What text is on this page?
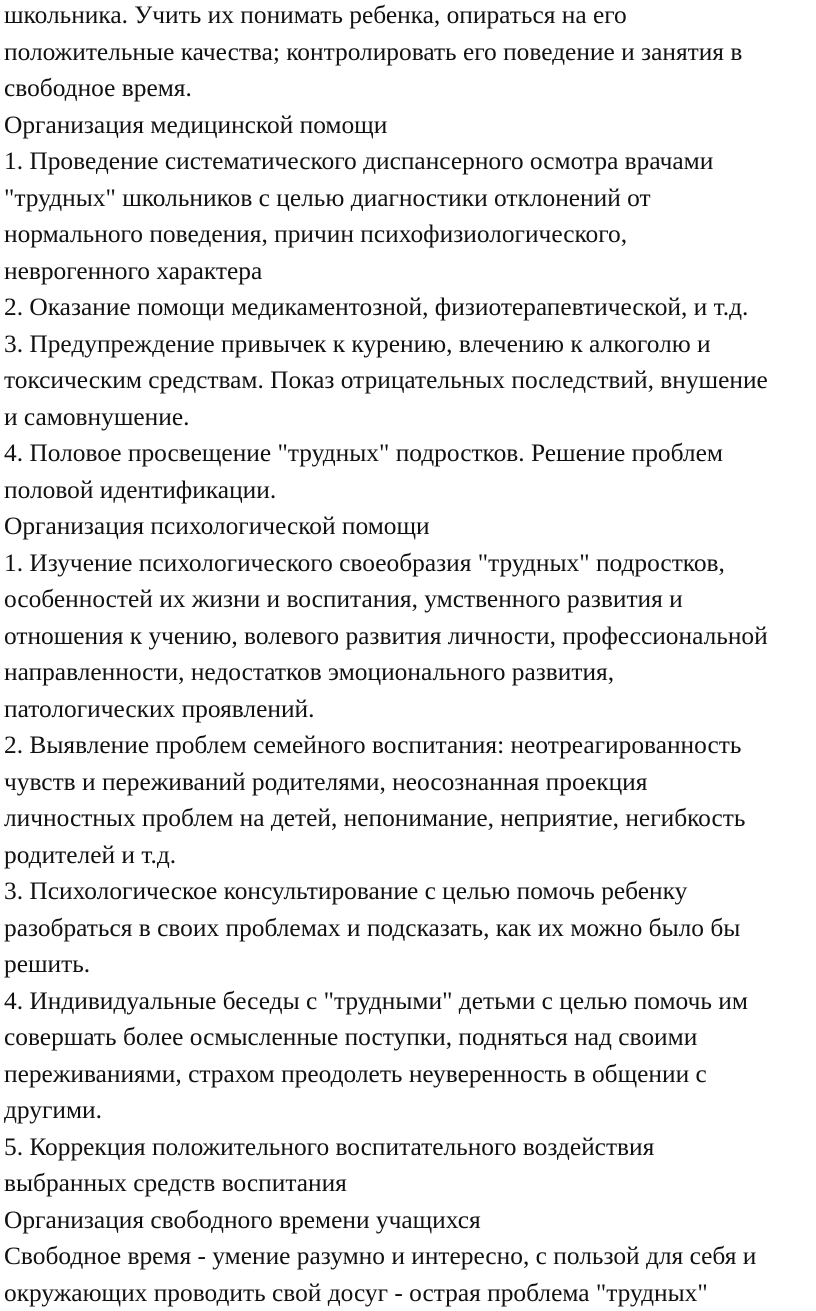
школьника. Учить их понимать ребенка, опираться на его
положительные качества; контролировать его поведение и занятия в
свободное время.
Организация медицинской помощи
1. Проведение систематического диспансерного осмотра врачами
"трудных" школьников с целью диагностики отклонений от
нормального поведения, причин психофизиологического,
неврогенного характера
2. Оказание помощи медикаментозной, физиотерапевтической, и т.д.
3. Предупреждение привычек к курению, влечению к алкоголю и
токсическим средствам. Показ отрицательных последствий, внушение
и самовнушение.
4. Половое просвещение "трудных" подростков. Решение проблем
половой идентификации.
Организация психологической помощи
1. Изучение психологического своеобразия "трудных" подростков,
особенностей их жизни и воспитания, умственного развития и
отношения к учению, волевого развития личности, профессиональной
направленности, недостатков эмоционального развития,
патологических проявлений.
2. Выявление проблем семейного воспитания: неотреагированность
чувств и переживаний родителями, неосознанная проекция
личностных проблем на детей, непонимание, неприятие, негибкость
родителей и т.д.
3. Психологическое консультирование с целью помочь ребенку
разобраться в своих проблемах и подсказать, как их можно было бы
решить.
4. Индивидуальные беседы с "трудными" детьми с целью помочь им
совершать более осмысленные поступки, подняться над своими
переживаниями, страхом преодолеть неуверенность в общении с
другими.
5. Коррекция положительного воспитательного воздействия
выбранных средств воспитания
Организация свободного времени учащихся
Свободное время - умение разумно и интересно, с пользой для себя и
окружающих проводить свой досуг - острая проблема "трудных"
